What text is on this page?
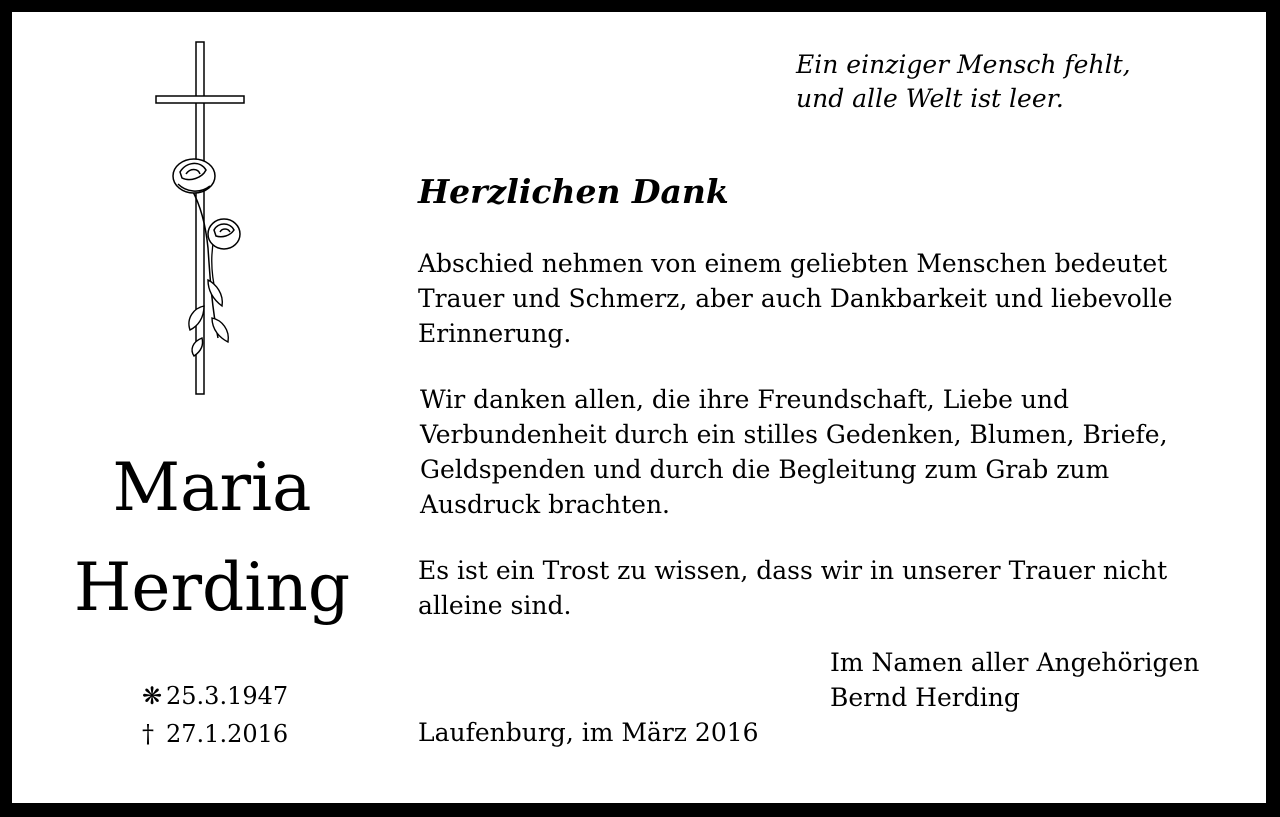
Ein einziger Mensch fehlt,
und alle Welt ist leer.
Herzlichen Dank
Abschied nehmen von einem geliebten Menschen bedeutet
Trauer und Schmerz, aber auch Dankbarkeit und liebevolle
Erinnerung.
Wir danken allen, die ihre Freundschaft, Liebe und
Verbundenheit durch ein stilles Gedenken, Blumen, Briefe,
Geldspenden und durch die Begleitung zum Grab zum
Ausdruck brachten.
Es ist ein Trost zu wissen, dass wir in unserer Trauer nicht
alleine sind.
Im Namen aller Angehörigen
Bernd Herding
Laufenburg, im März 2016
Maria
Herding
❋ 25.3.1947
† 27.1.2016
